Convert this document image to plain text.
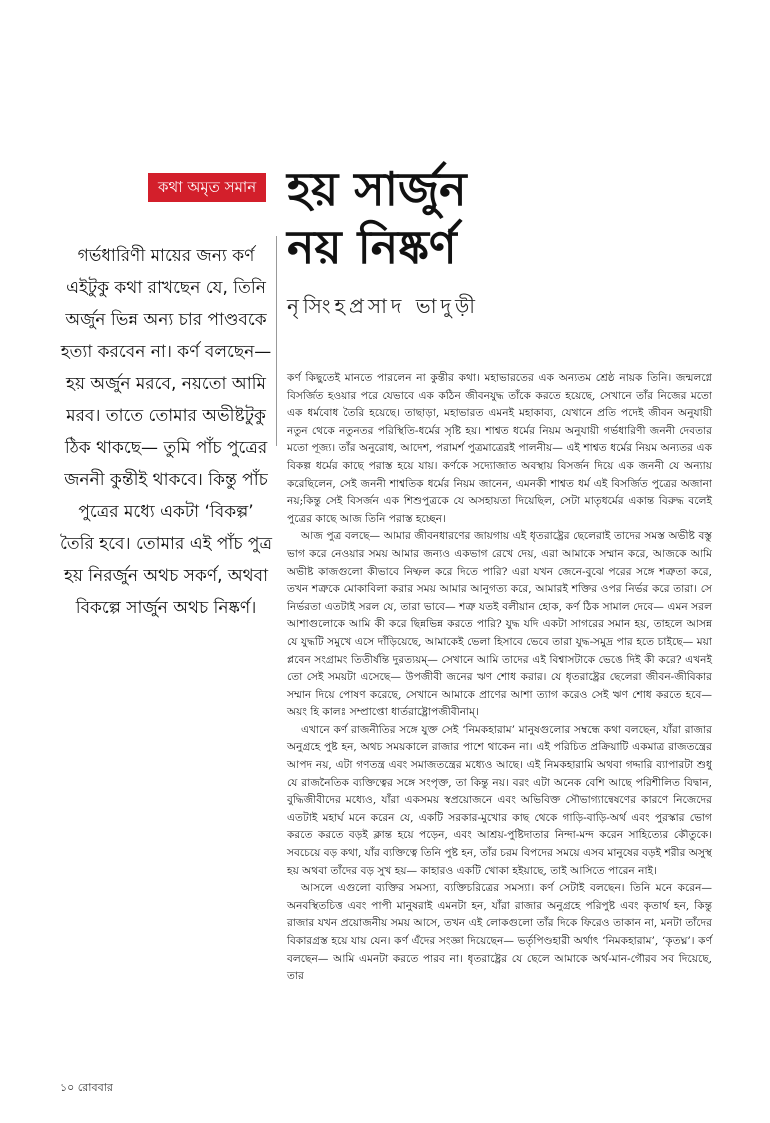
কথা অমৃত সমান হয় সার্জুন
নয় নিষ্কর্ণ
নৃসিংহপ্রসাদ ভাদুড়ী
গর্ভধারিণী মায়ের জন্য কর্ণ এইটুকু কথা রাখছেন যে, তিনি অর্জুন ভিন্ন অন্য চার পাণ্ডবকে হত্যা করবেন না। কর্ণ বলছেন— হয় অর্জুন মরবে, নয়তো আমি মরব। তাতে তোমার অভীষ্টটুকু ঠিক থাকছে— তুমি পাঁচ পুত্রের জননী কুন্তীই থাকবে। কিন্তু পাঁচ পুত্রের মধ্যে একটা ‘বিকল্প’ তৈরি হবে। তোমার এই পাঁচ পুত্র হয় নিরর্জুন অথচ সকর্ণ, অথবা বিকল্পে সার্জুন অথচ নিষ্কর্ণ।

কর্ণ কিছুতেই মানতে পারলেন না কুন্তীর কথা। মহাভারতের এক অন্যতম শ্রেষ্ঠ নায়ক তিনি। জন্মলগ্নে বিসর্জিত হওয়ার পরে যেভাবে এক কঠিন জীবনযুদ্ধ তাঁকে করতে হয়েছে, সেখানে তাঁর নিজের মতো এক ধর্মবোধ তৈরি হয়েছে। তাছাড়া, মহাভারত এমনই মহাকাব্য, যেখানে প্রতি পদেই জীবন অনুযায়ী নতুন থেকে নতুনতর পরিস্থিতি-ধর্মের সৃষ্টি হয়। শাশ্বত ধর্মের নিয়ম অনুযায়ী গর্ভধারিণী জননী দেবতার মতো পূজ্য। তাঁর অনুরোধ, আদেশ, পরামর্শ পুত্রমাত্রেরই পালনীয়— এই শাশ্বত ধর্মের নিয়ম অন্যতর এক বিকল্প ধর্মের কাছে পরাস্ত হয়ে যায়। কর্ণকে সদ্যোজাত অবস্থায় বিসর্জন দিয়ে এক জননী যে অন্যায় করেছিলেন, সেই জননী শাশ্বতিক ধর্মের নিয়ম জানেন, এমনকী শাশ্বত ধর্ম এই বিসর্জিত পুত্রের অজানা নয়;কিন্তু সেই বিসর্জন এক শিশুপুত্রকে যে অসহায়তা দিয়েছিল, সেটা মাতৃধর্মের একান্ত বিরুদ্ধ বলেই পুত্রের কাছে আজ তিনি পরাস্ত হচ্ছেন।

আজ পুত্র বলছে— আমার জীবনধারণের জায়গায় এই ধৃতরাষ্ট্রের ছেলেরাই তাদের সমস্ত অভীষ্ট বস্তু ভাগ করে নেওয়ার সময় আমার জন্যও একভাগ রেখে দেয়, এরা আমাকে সম্মান করে, আজকে আমি অভীষ্ট কাজগুলো কীভাবে নিষ্ফল করে দিতে পারি? এরা যখন জেনে-বুঝে পরের সঙ্গে শত্রুতা করে, তখন শত্রুকে মোকাবিলা করার সময় আমার আনুগত্য করে, আমারই শক্তির ওপর নির্ভর করে তারা। সে নির্ভরতা এতটাই সরল যে, তারা ভাবে— শত্রু যতই বলীয়ান হোক, কর্ণ ঠিক সামাল দেবে— এমন সরল আশাগুলোকে আমি কী করে ছিন্নভিন্ন করতে পারি? যুদ্ধ যদি একটা সাগরের সমান হয়, তাহলে আসন্ন যে যুদ্ধটি সমুখে এসে দাঁড়িয়েছে, আমাকেই ভেলা হিসাবে ভেবে তারা যুদ্ধ-সমুদ্র পার হতে চাইছে— ময়া প্লবেন সংগ্রামং তিতীর্ষন্তি দুরত্যয়ম্— সেখানে আমি তাদের এই বিশ্বাসটাকে ভেঙে দিই কী করে? এখনই তো সেই সময়টা এসেছে— উপজীবী জনের ঋণ শোধ করার। যে ধৃতরাষ্ট্রের ছেলেরা জীবন-জীবিকার সম্মান দিয়ে পোষণ করেছে, সেখানে আমাকে প্রাণের আশা ত্যাগ করেও সেই ঋণ শোধ করতে হবে— অয়ং হি কালঃ সম্প্রাপ্তো ধার্তরাষ্ট্রোপজীবীনাম্।

এখানে কর্ণ রাজনীতির সঙ্গে যুক্ত সেই ‘নিমকহারাম’ মানুষগুলোর সম্বন্ধে কথা বলছেন, যাঁরা রাজার অনুগ্রহে পুষ্ট হন, অথচ সময়কালে রাজার পাশে থাকেন না। এই পরিচিত প্রক্রিয়াটি একমাত্র রাজতন্ত্রের আপদ নয়, এটা গণতন্ত্র এবং সমাজতন্ত্রের মধ্যেও আছে। এই নিমকহারামি অথবা গদ্দারি ব্যাপারটা শুধু যে রাজনৈতিক ব্যক্তিত্বের সঙ্গে সংপৃক্ত, তা কিন্তু নয়। বরং এটা অনেক বেশি আছে পরিশীলিত বিদ্বান, বুদ্ধিজীবীদের মধ্যেও, যাঁরা একসময় স্বপ্রয়োজনে এবং অভিবিক্ত সৌভাগ্যান্বেষণের কারণে নিজেদের এতটাই মহার্ঘ মনে করেন যে, একটি সরকার-মুখোর কাছ থেকে গাড়ি-বাড়ি-অর্থ এবং পুরস্কার ভোগ করতে করতে বড়ই ক্লান্ত হয়ে পড়েন, এবং আশ্রয়-পুষ্টিদাতার নিন্দা-মন্দ করেন সাহিত্যের কৌতুকে। সবচেয়ে বড় কথা, যাঁর ব্যক্তিত্বে তিনি পুষ্ট হন, তাঁর চরম বিপদের সময়ে এসব মানুষের বড়ই শরীর অসুস্থ হয় অথবা তাঁদের বড় সুখ হয়— কাহারও একটি খোকা হইয়াছে, তাই আসিতে পারেন নাই।

আসলে এগুলো ব্যক্তির সমস্যা, ব্যক্তিচরিত্রের সমস্যা। কর্ণ সেটাই বলছেন। তিনি মনে করেন— অনবস্থিতচিত্ত এবং পাপী মানুষরাই এমনটা হন, যাঁরা রাজার অনুগ্রহে পরিপুষ্ট এবং কৃতার্থ হন, কিন্তু রাজার যখন প্রয়োজনীয় সময় আসে, তখন এই লোকগুলো তাঁর দিকে ফিরেও তাকান না, মনটা তাঁদের বিকারগ্রস্ত হয়ে যায় যেন। কর্ণ এঁদের সংজ্ঞা দিয়েছেন— ভর্তৃপিণ্ডহারী অর্থাৎ ‘নিমকহারাম’, ‘কৃতঘ্ন’। কর্ণ বলছেন— আমি এমনটা করতে পারব না। ধৃতরাষ্ট্রের যে ছেলে আমাকে অর্থ-মান-গৌরব সব দিয়েছে, তার

১০ রোববার
